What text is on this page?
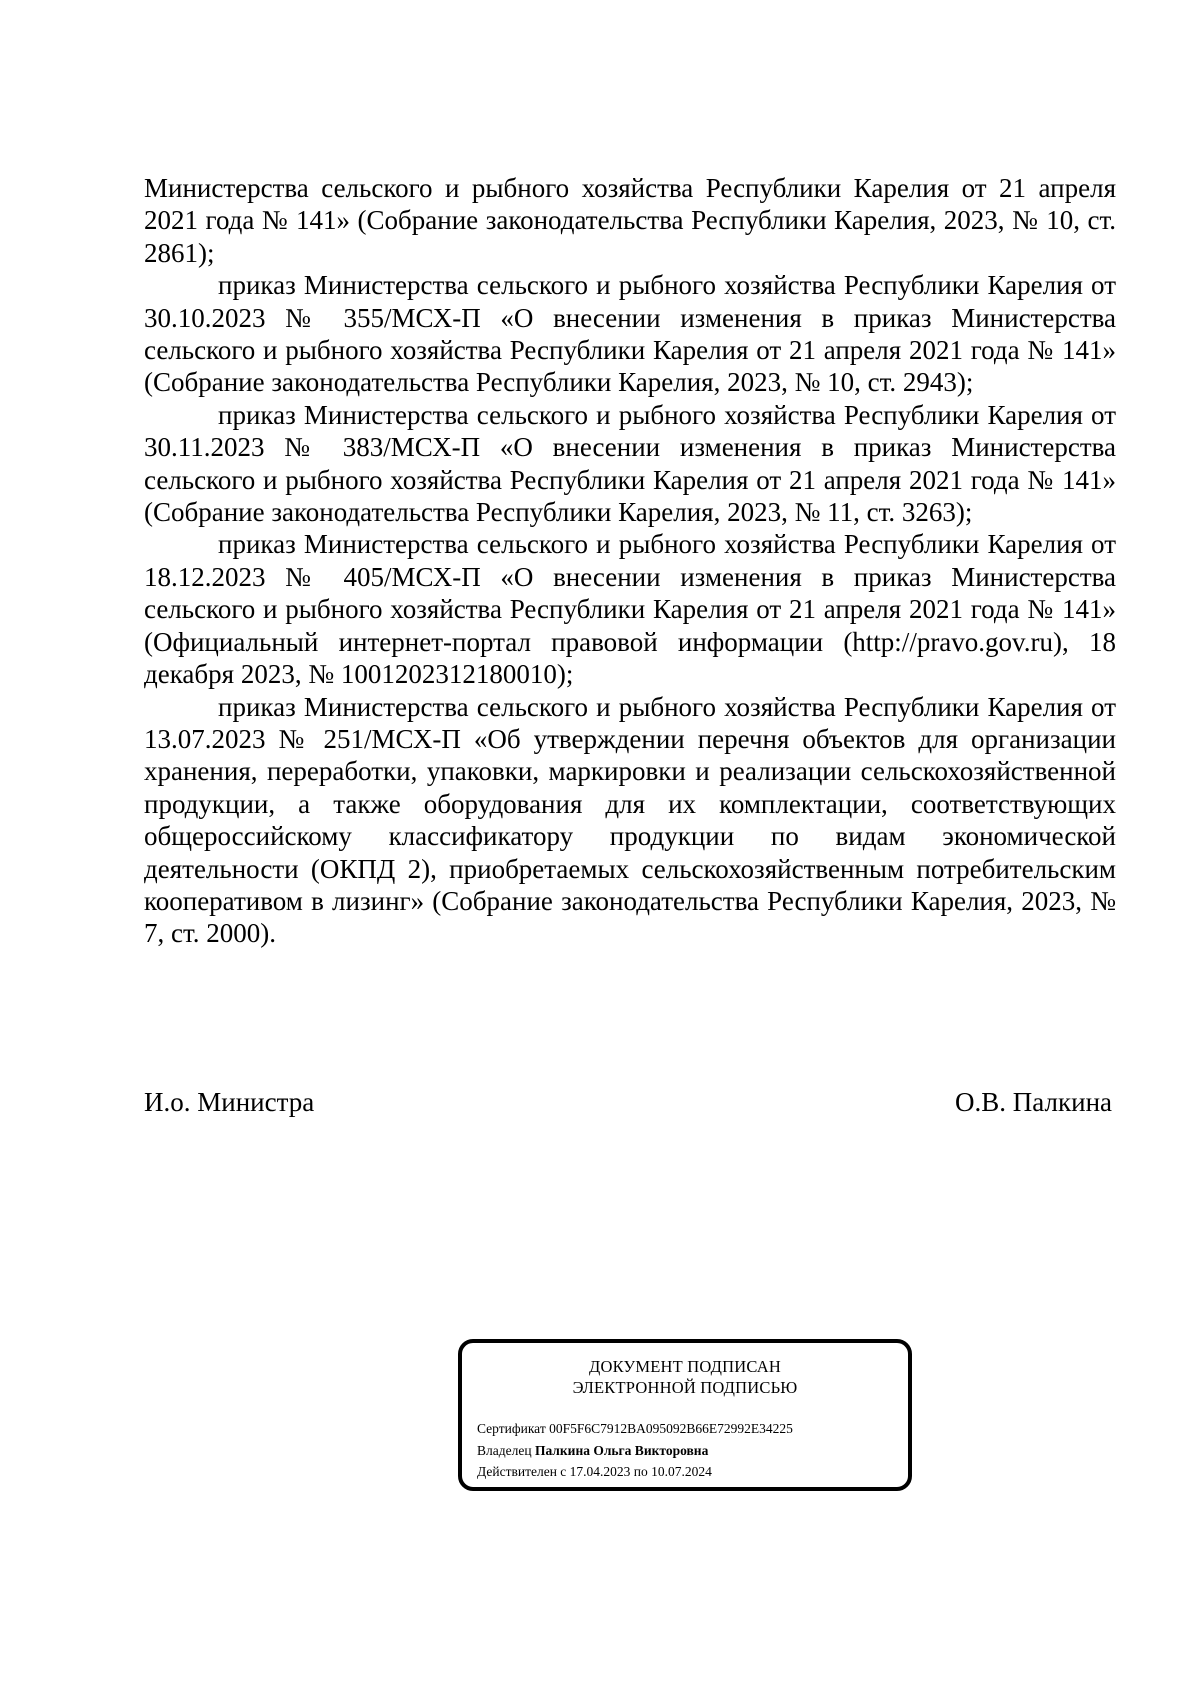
Министерства сельского и рыбного хозяйства Республики Карелия от 21 апреля 2021 года № 141» (Собрание законодательства Республики Карелия, 2023, № 10, ст. 2861);

приказ Министерства сельского и рыбного хозяйства Республики Карелия от 30.10.2023 № 355/МСХ-П «О внесении изменения в приказ Министерства сельского и рыбного хозяйства Республики Карелия от 21 апреля 2021 года № 141» (Собрание законодательства Республики Карелия, 2023, № 10, ст. 2943);

приказ Министерства сельского и рыбного хозяйства Республики Карелия от 30.11.2023 № 383/МСХ-П «О внесении изменения в приказ Министерства сельского и рыбного хозяйства Республики Карелия от 21 апреля 2021 года № 141» (Собрание законодательства Республики Карелия, 2023, № 11, ст. 3263);

приказ Министерства сельского и рыбного хозяйства Республики Карелия от 18.12.2023 № 405/МСХ-П «О внесении изменения в приказ Министерства сельского и рыбного хозяйства Республики Карелия от 21 апреля 2021 года № 141» (Официальный интернет-портал правовой информации (http://pravo.gov.ru), 18 декабря 2023, № 1001202312180010);

приказ Министерства сельского и рыбного хозяйства Республики Карелия от 13.07.2023 № 251/МСХ-П «Об утверждении перечня объектов для организации хранения, переработки, упаковки, маркировки и реализации сельскохозяйственной продукции, а также оборудования для их комплектации, соответствующих общероссийскому классификатору продукции по видам экономической деятельности (ОКПД 2), приобретаемых сельскохозяйственным потребительским кооперативом в лизинг» (Собрание законодательства Республики Карелия, 2023, № 7, ст. 2000).

И.о. Министра	О.В. Палкина
ДОКУМЕНТ ПОДПИСАН
ЭЛЕКТРОННОЙ ПОДПИСЬЮ
Сертификат 00F5F6C7912BA095092B66E72992E34225
Владелец Палкина Ольга Викторовна
Действителен с 17.04.2023 по 10.07.2024
